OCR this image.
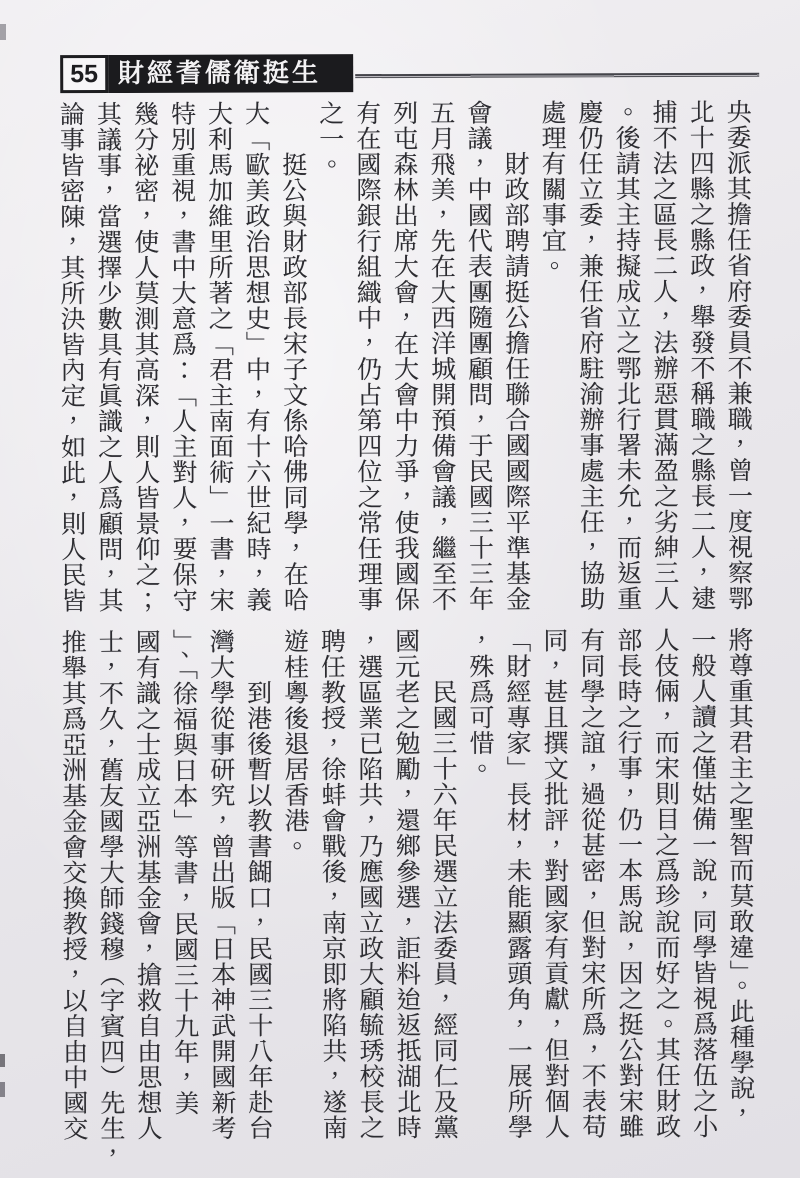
55 財經耆儒衛挺生
央委派其擔任省府委員不兼職，曾一度視察鄂
北十四縣之縣政，舉發不稱職之縣長二人，逮
捕不法之區長二人，法辦惡貫滿盈之劣紳三人
。後請其主持擬成立之鄂北行署未允，而返重
慶仍任立委，兼任省府駐渝辦事處主任，協助
處理有關事宜。
　　財政部聘請挺公擔任聯合國國際平準基金
會議，中國代表團隨團顧問，于民國三十三年
五月飛美，先在大西洋城開預備會議，繼至不
列屯森林出席大會，在大會中力爭，使我國保
有在國際銀行組織中，仍占第四位之常任理事
之一。
　　挺公與財政部長宋子文係哈佛同學，在哈
大「歐美政治思想史」中，有十六世紀時，義
大利馬加維里所著之「君主南面術」一書，宋
特別重視，書中大意爲：「人主對人，要保守
幾分祕密，使人莫測其高深，則人皆景仰之；
其議事，當選擇少數具有眞識之人爲顧問，其
論事皆密陳，其所決皆內定，如此，則人民皆
將尊重其君主之聖智而莫敢違」。此種學說，
一般人讀之僅姑備一說，同學皆視爲落伍之小
人伎倆，而宋則目之爲珍說而好之。其任財政
部長時之行事，仍一本馬說，因之挺公對宋雖
有同學之誼，過從甚密，但對宋所爲，不表苟
同，甚且撰文批評，對國家有貢獻，但對個人
「財經專家」長材，未能顯露頭角，一展所學
，殊爲可惜。
　　民國三十六年民選立法委員，經同仁及黨
國元老之勉勵，還鄉參選，詎料迨返抵湖北時
，選區業已陷共，乃應國立政大顧毓琇校長之
聘任教授，徐蚌會戰後，南京即將陷共，遂南
遊桂粵後退居香港。
　　到港後暫以教書餬口，民國三十八年赴台
灣大學從事研究，曾出版「日本神武開國新考
」、「徐福與日本」等書，民國三十九年，美
國有識之士成立亞洲基金會，搶救自由思想人
士，不久，舊友國學大師錢穆（字賓四）先生，
推舉其爲亞洲基金會交換教授，以自由中國交
